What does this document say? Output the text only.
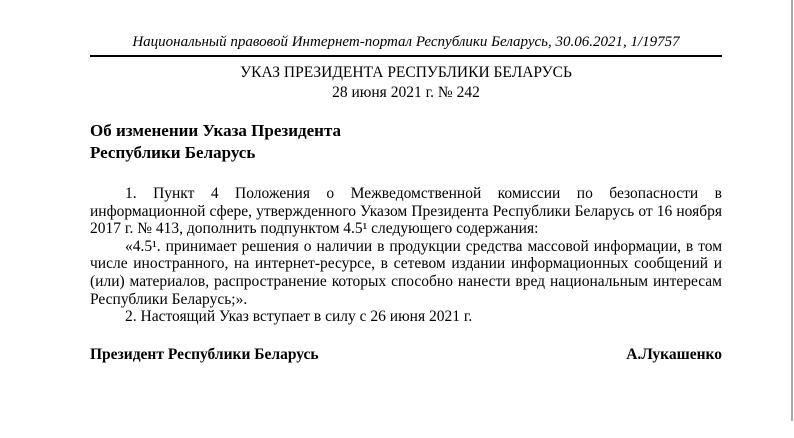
Национальный правовой Интернет-портал Республики Беларусь, 30.06.2021, 1/19757
УКАЗ ПРЕЗИДЕНТА РЕСПУБЛИКИ БЕЛАРУСЬ
28 июня 2021 г. № 242
Об изменении Указа Президента
Республики Беларусь

1. Пункт 4 Положения о Межведомственной комиссии по безопасности в информационной сфере, утвержденного Указом Президента Республики Беларусь от 16 ноября 2017 г. № 413, дополнить подпунктом 4.5¹ следующего содержания:

«4.5¹. принимает решения о наличии в продукции средства массовой информации, в том числе иностранного, на интернет-ресурсе, в сетевом издании информационных сообщений и (или) материалов, распространение которых способно нанести вред национальным интересам Республики Беларусь;».

2. Настоящий Указ вступает в силу с 26 июня 2021 г.

Президент Республики Беларусь	А.Лукашенко
